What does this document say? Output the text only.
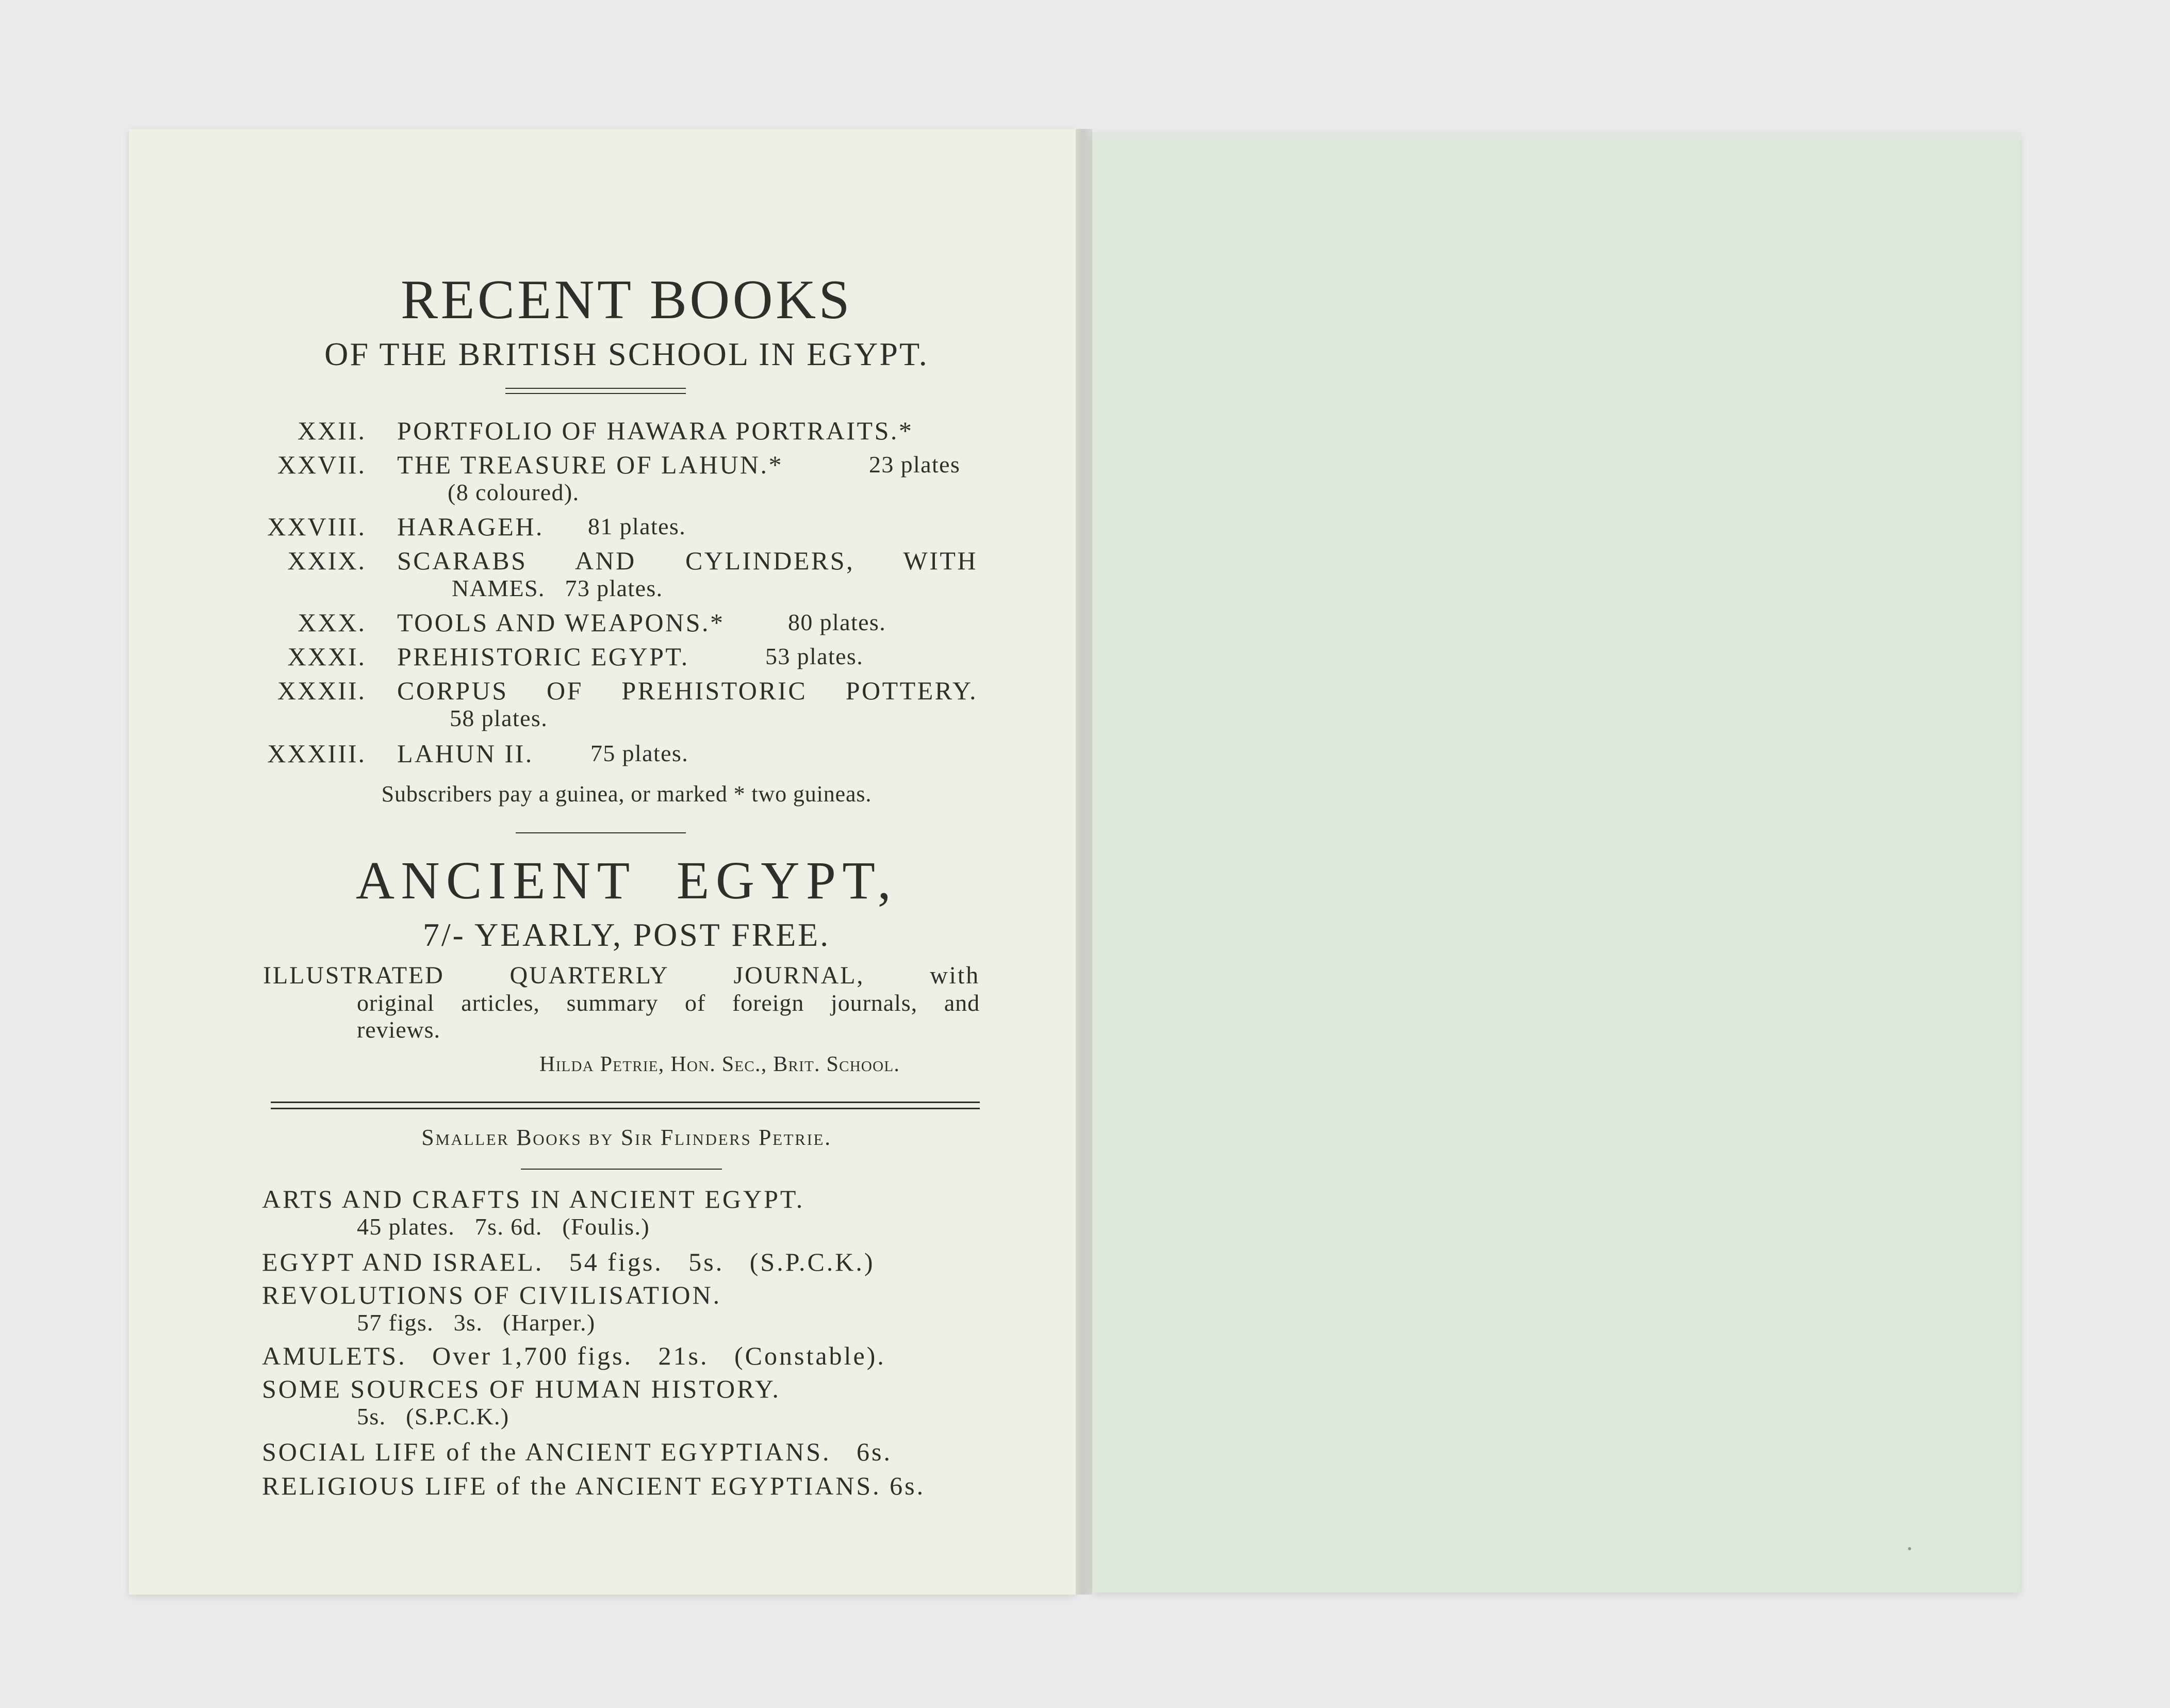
RECENT BOOKS
OF THE BRITISH SCHOOL IN EGYPT.
XXII. PORTFOLIO OF HAWARA PORTRAITS.*
XXVII. THE TREASURE OF LAHUN.*	23 plates
(8 coloured).
XXVIII. HARAGEH. 81 plates.
XXIX. SCARABS AND CYLINDERS, WITH
NAMES.   73 plates.
XXX. TOOLS AND WEAPONS.*	80 plates.
XXXI. PREHISTORIC EGYPT.	53 plates.
XXXII. CORPUS OF PREHISTORIC POTTERY.
58 plates.
XXXIII. LAHUN II. 75 plates.
Subscribers pay a guinea, or marked * two guineas.
ANCIENT EGYPT,
7/- YEARLY, POST FREE.
ILLUSTRATED QUARTERLY JOURNAL, with
original articles, summary of foreign journals, and
reviews.
Hilda Petrie, Hon. Sec., Brit. School.
Smaller Books by Sir Flinders Petrie.
ARTS AND CRAFTS IN ANCIENT EGYPT.
45 plates.   7s. 6d.   (Foulis.)
EGYPT AND ISRAEL.   54 figs.   5s.   (S.P.C.K.)
REVOLUTIONS OF CIVILISATION.
57 figs.   3s.   (Harper.)
AMULETS.   Over 1,700 figs.   21s.   (Constable).
SOME SOURCES OF HUMAN HISTORY.
5s.   (S.P.C.K.)
SOCIAL LIFE of the ANCIENT EGYPTIANS.   6s.
RELIGIOUS LIFE of the ANCIENT EGYPTIANS. 6s.
